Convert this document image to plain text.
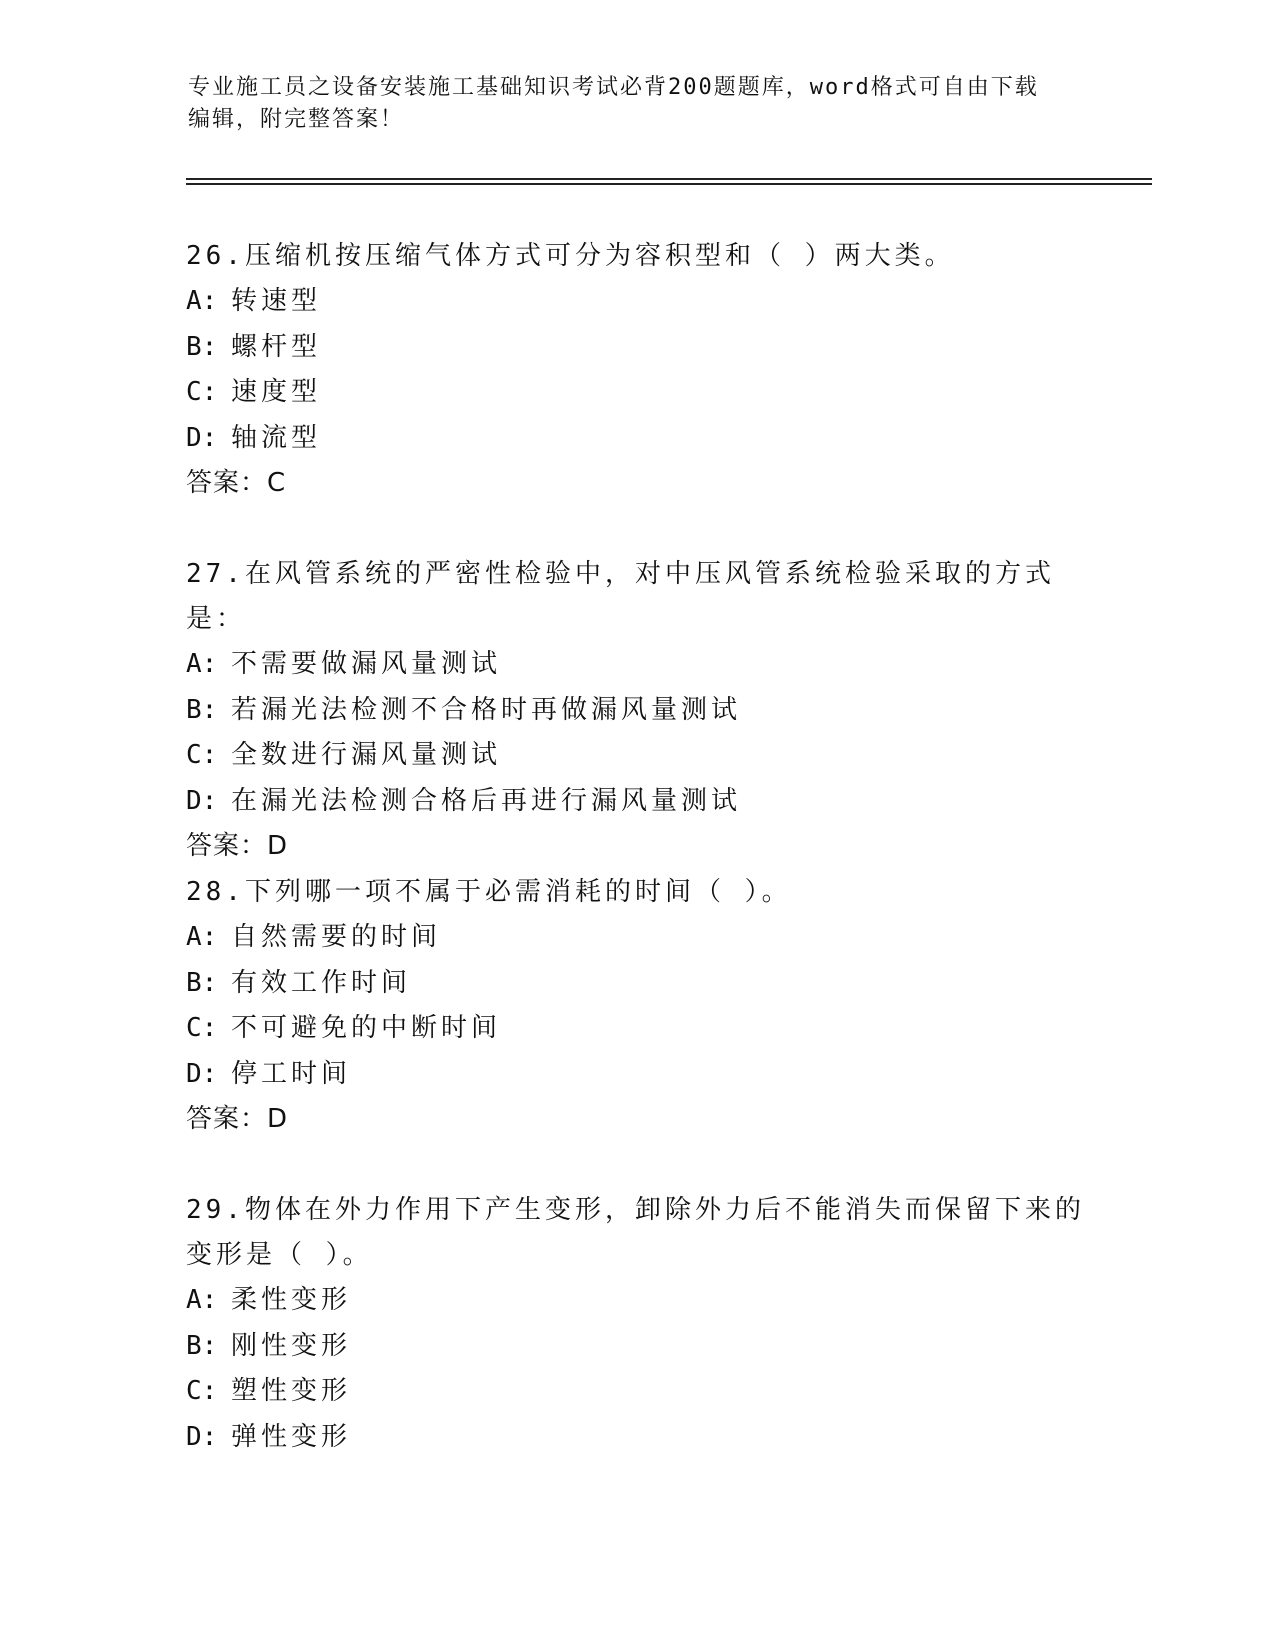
专业施工员之设备安装施工基础知识考试必背200题题库，word格式可自由下载
编辑，附完整答案！

26.压缩机按压缩气体方式可分为容积型和（ ）两大类。

A: 转速型

B: 螺杆型

C: 速度型

D: 轴流型

答案：C

27.在风管系统的严密性检验中，对中压风管系统检验采取的方式是：

A: 不需要做漏风量测试

B: 若漏光法检测不合格时再做漏风量测试

C: 全数进行漏风量测试

D: 在漏光法检测合格后再进行漏风量测试

答案：D

28.下列哪一项不属于必需消耗的时间（ ）。

A: 自然需要的时间

B: 有效工作时间

C: 不可避免的中断时间

D: 停工时间

答案：D

29.物体在外力作用下产生变形，卸除外力后不能消失而保留下来的变形是（ ）。

A: 柔性变形

B: 刚性变形

C: 塑性变形

D: 弹性变形
